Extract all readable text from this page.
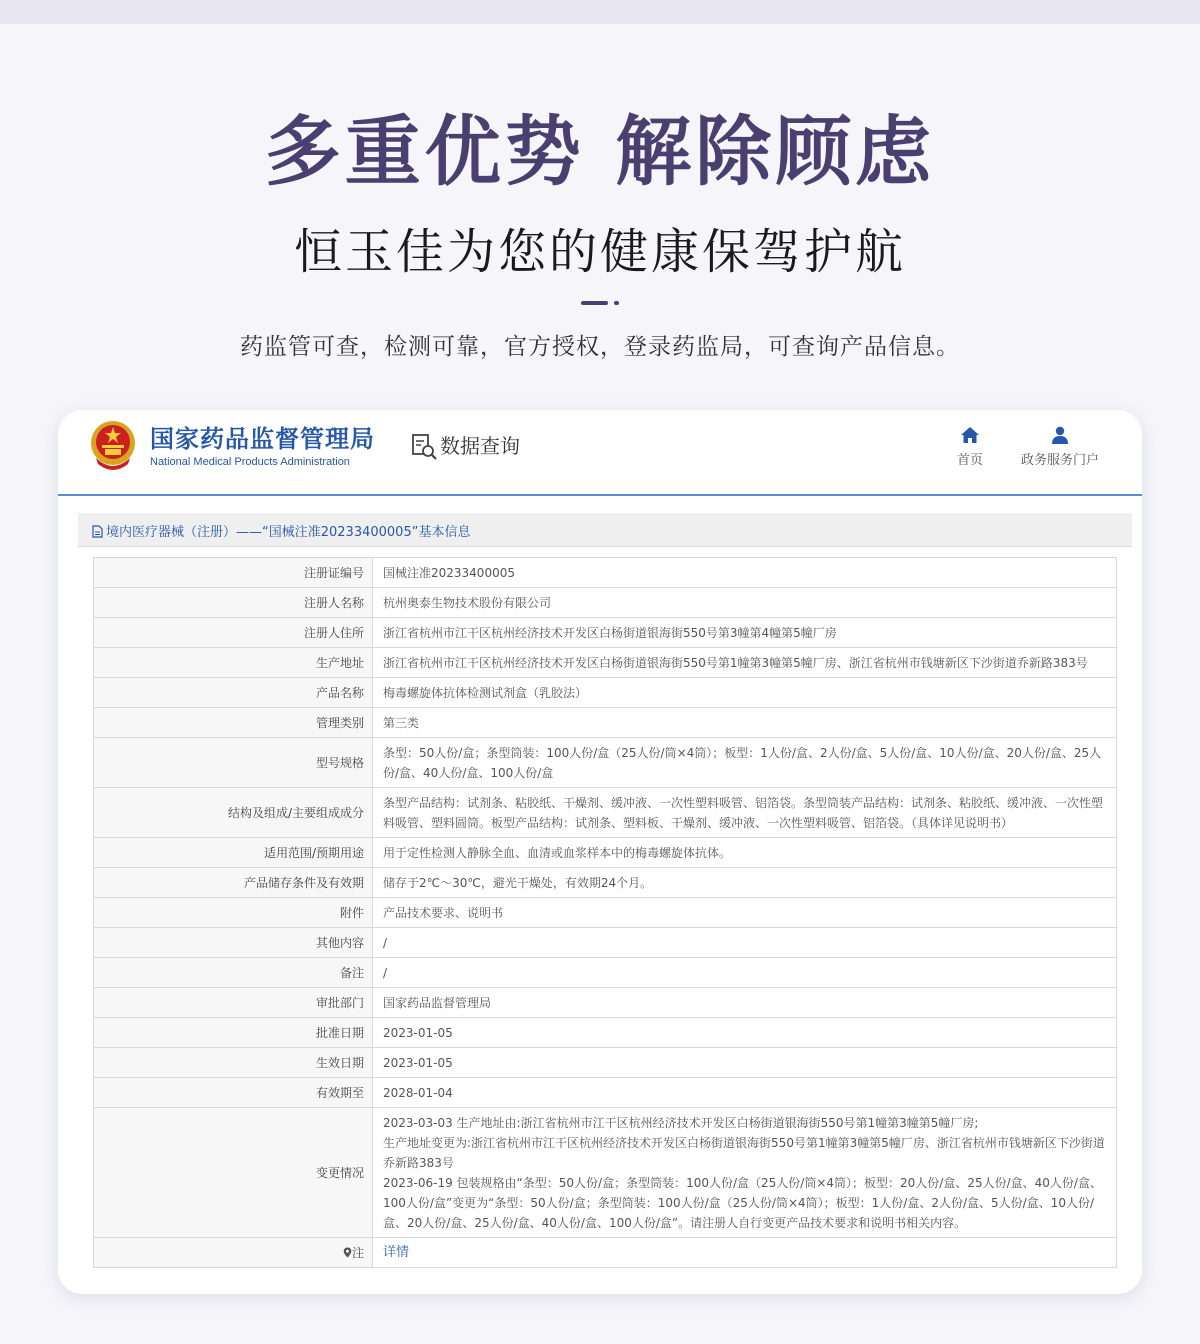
多重优势 解除顾虑
恒玉佳为您的健康保驾护航
药监管可查，检测可靠，官方授权，登录药监局，可查询产品信息。
国家药品监督管理局
National Medical Products Administration
数据查询
首页	政务服务门户
境内医疗器械（注册）——“国械注准20233400005”基本信息
注册证编号	国械注准20233400005
注册人名称	杭州奥泰生物技术股份有限公司
注册人住所	浙江省杭州市江干区杭州经济技术开发区白杨街道银海街550号第3幢第4幢第5幢厂房
生产地址	浙江省杭州市江干区杭州经济技术开发区白杨街道银海街550号第1幢第3幢第5幢厂房、浙江省杭州市钱塘新区下沙街道乔新路383号
产品名称	梅毒螺旋体抗体检测试剂盒（乳胶法）
管理类别	第三类
型号规格	条型：50人份/盒；条型筒装：100人份/盒（25人份/筒×4筒）；板型：1人份/盒、2人份/盒、5人份/盒、10人份/盒、20人份/盒、25人份/盒、40人份/盒、100人份/盒
结构及组成/主要组成成分	条型产品结构：试剂条、粘胶纸、干燥剂、缓冲液、一次性塑料吸管、铝箔袋。条型筒装产品结构：试剂条、粘胶纸、缓冲液、一次性塑料吸管、塑料圆筒。板型产品结构：试剂条、塑料板、干燥剂、缓冲液、一次性塑料吸管、铝箔袋。（具体详见说明书）
适用范围/预期用途	用于定性检测人静脉全血、血清或血浆样本中的梅毒螺旋体抗体。
产品储存条件及有效期	储存于2℃～30℃，避光干燥处，有效期24个月。
附件	产品技术要求、说明书
其他内容	/
备注	/
审批部门	国家药品监督管理局
批准日期	2023-01-05
生效日期	2023-01-05
有效期至	2028-01-04
变更情况	2023-03-03 生产地址由:浙江省杭州市江干区杭州经济技术开发区白杨街道银海街550号第1幢第3幢第5幢厂房;
生产地址变更为:浙江省杭州市江干区杭州经济技术开发区白杨街道银海街550号第1幢第3幢第5幢厂房、浙江省杭州市钱塘新区下沙街道乔新路383号
2023-06-19 包装规格由“条型：50人份/盒；条型筒装：100人份/盒（25人份/筒×4筒）；板型：20人份/盒、25人份/盒、40人份/盒、100人份/盒”变更为“条型：50人份/盒；条型筒装：100人份/盒（25人份/筒×4筒）；板型：1人份/盒、2人份/盒、5人份/盒、10人份/盒、20人份/盒、25人份/盒、40人份/盒、100人份/盒”。请注册人自行变更产品技术要求和说明书相关内容。

注	详情
